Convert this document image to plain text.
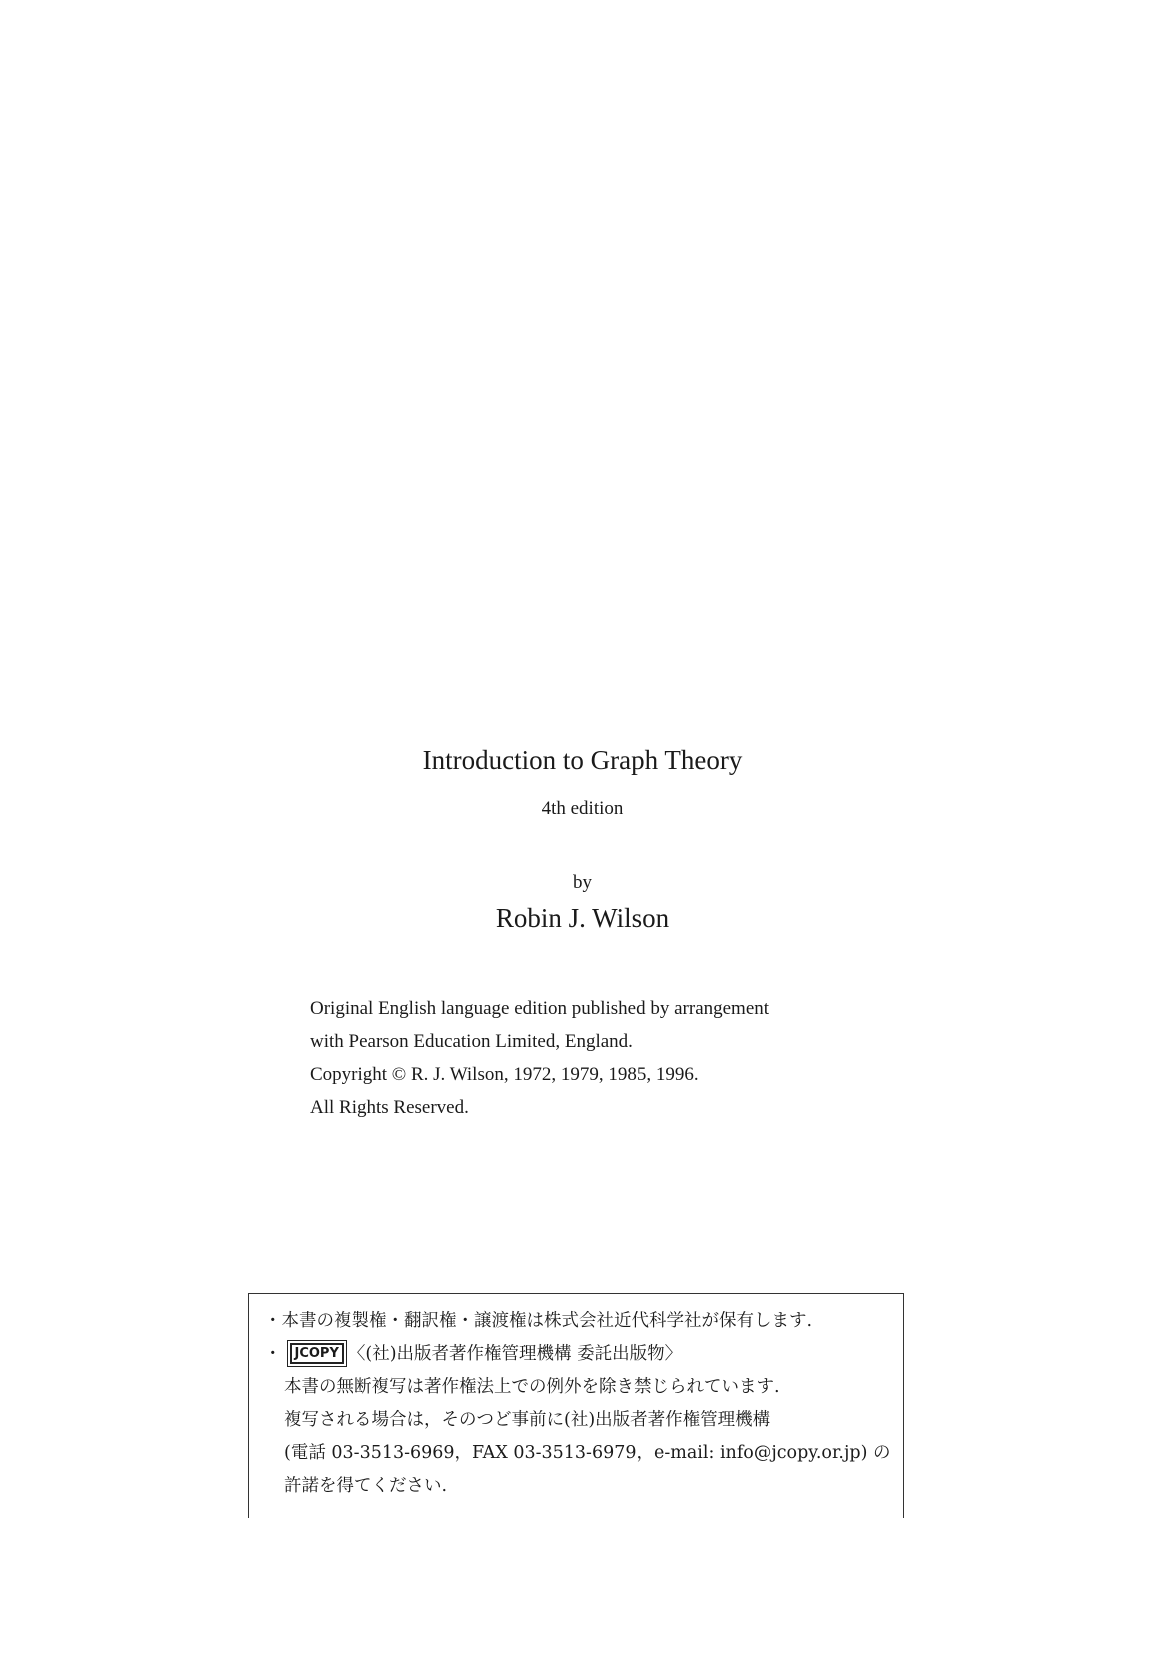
Introduction to Graph Theory
4th edition
by
Robin J. Wilson
Original English language edition published by arrangement
with Pearson Education Limited, England.
Copyright © R. J. Wilson, 1972, 1979, 1985, 1996.
All Rights Reserved.
・本書の複製権・翻訳権・譲渡権は株式会社近代科学社が保有します.
・ JCOPY 〈(社)出版者著作権管理機構 委託出版物〉
本書の無断複写は著作権法上での例外を除き禁じられています.
複写される場合は，そのつど事前に(社)出版者著作権管理機構
(電話 03-3513-6969，FAX 03-3513-6979，e-mail: info@jcopy.or.jp) の
許諾を得てください.
